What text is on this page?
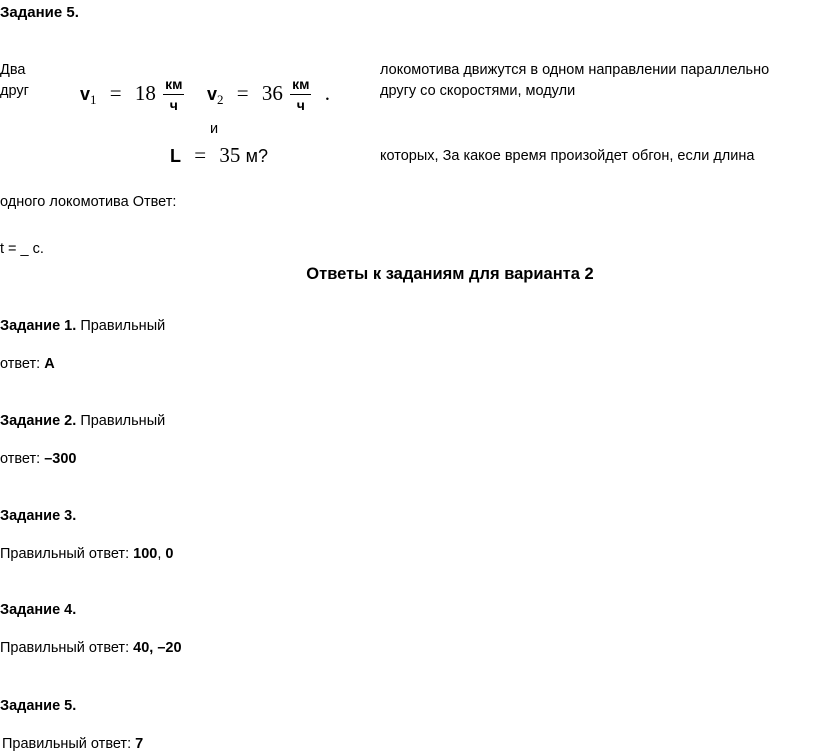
Задание 5.
Два
друг
локомотива движутся в одном направлении параллельно
другу со скоростями, модули
которых, За какое время произойдет обгон, если длина
$v_1 = 18 \frac{км}{ч} v_2 = 36 \frac{км}{ч}$ .
и
L = 35 м?
одного локомотива Ответ:
t = _ с.
Ответы к заданиям для варианта 2
Задание 1. Правильный
ответ: А
Задание 2. Правильный
ответ: –300
Задание 3.
Правильный ответ: 100, 0
Задание 4.
Правильный ответ: 40, –20
Задание 5.
Правильный ответ: 7
